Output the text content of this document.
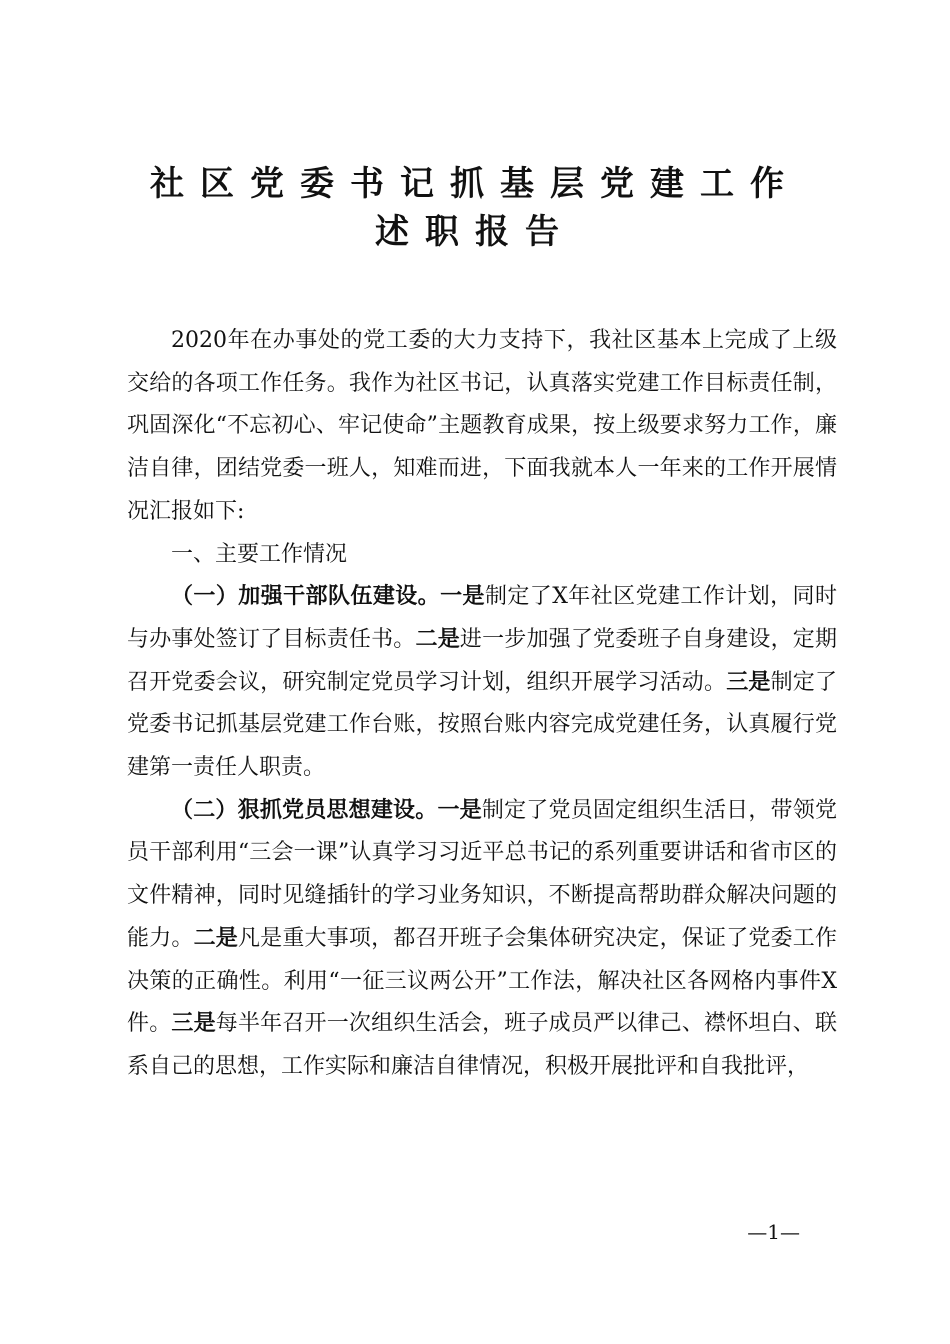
社区党委书记抓基层党建工作
述职报告

2020年在办事处的党工委的大力支持下，我社区基本上完成了上级交给的各项工作任务。我作为社区书记，认真落实党建工作目标责任制，巩固深化“不忘初心、牢记使命”主题教育成果，按上级要求努力工作，廉洁自律，团结党委一班人，知难而进，下面我就本人一年来的工作开展情况汇报如下:

一、主要工作情况

（一）加强干部队伍建设。一是制定了X年社区党建工作计划，同时与办事处签订了目标责任书。二是进一步加强了党委班子自身建设，定期召开党委会议，研究制定党员学习计划，组织开展学习活动。三是制定了党委书记抓基层党建工作台账，按照台账内容完成党建任务，认真履行党建第一责任人职责。

（二）狠抓党员思想建设。一是制定了党员固定组织生活日，带领党员干部利用“三会一课”认真学习习近平总书记的系列重要讲话和省市区的文件精神，同时见缝插针的学习业务知识，不断提高帮助群众解决问题的能力。二是凡是重大事项，都召开班子会集体研究决定，保证了党委工作决策的正确性。利用“一征三议两公开”工作法，解决社区各网格内事件X件。三是每半年召开一次组织生活会，班子成员严以律己、襟怀坦白、联系自己的思想，工作实际和廉洁自律情况，积极开展批评和自我批评，

—1—
